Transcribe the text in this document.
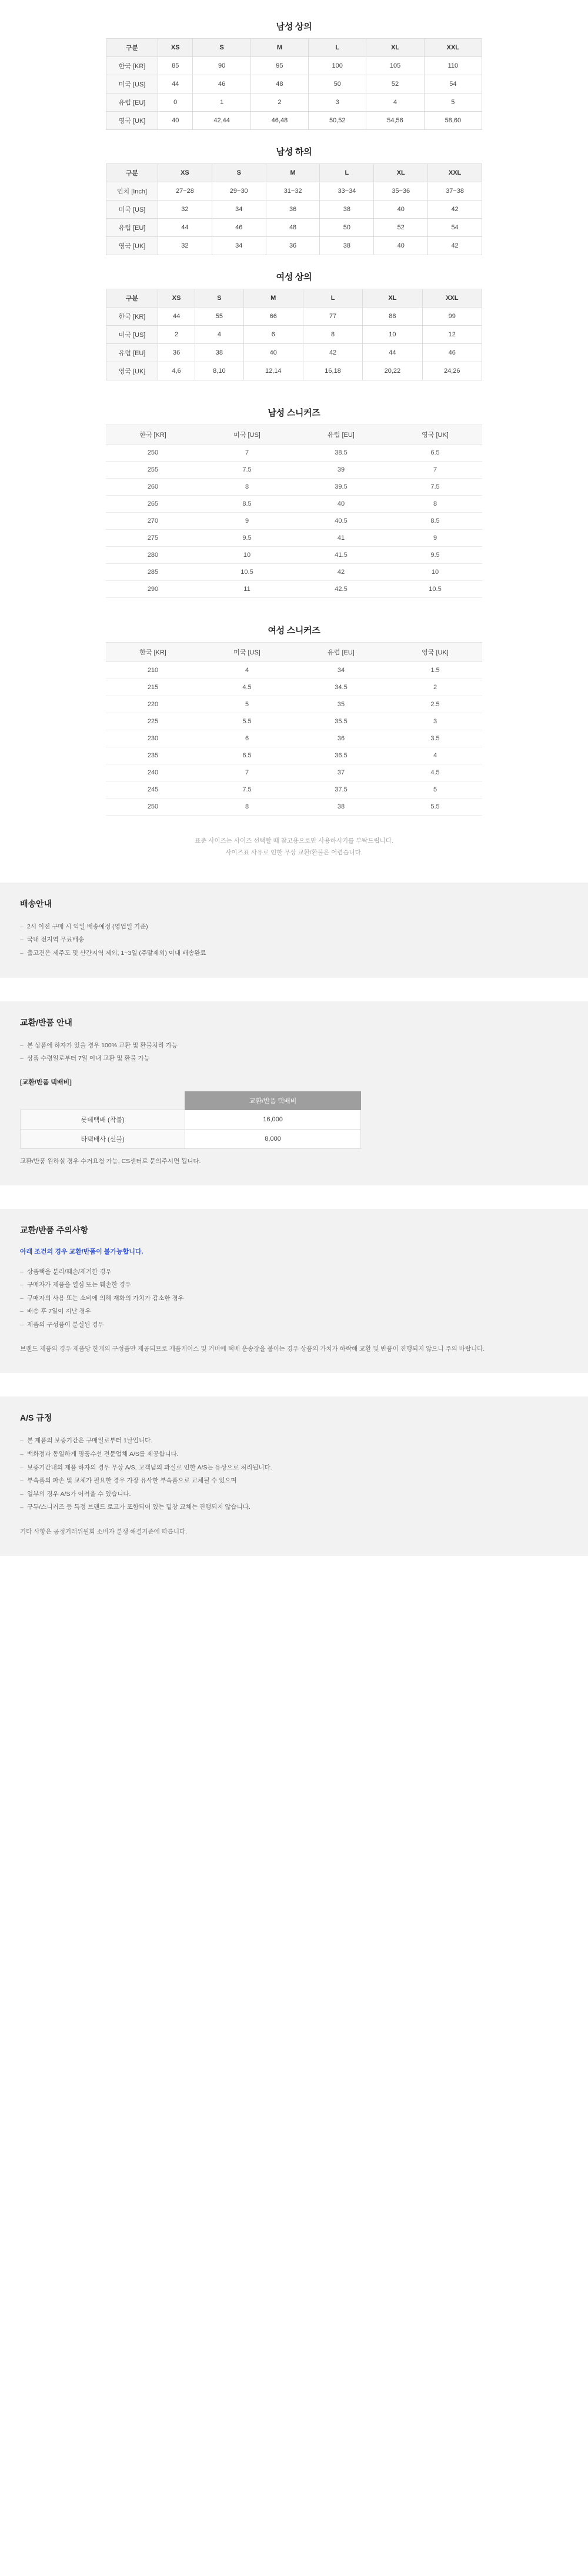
남성 상의
구분	XS	S	M	L	XL	XXL
한국 [KR]	85	90	95	100	105	110
미국 [US]	44	46	48	50	52	54
유럽 [EU]	0	1	2	3	4	5
영국 [UK]	40	42,44	46,48	50,52	54,56	58,60
남성 하의
구분	XS	S	M	L	XL	XXL
인치 [Inch]	27~28	29~30	31~32	33~34	35~36	37~38
미국 [US]	32	34	36	38	40	42
유럽 [EU]	44	46	48	50	52	54
영국 [UK]	32	34	36	38	40	42
여성 상의
구분	XS	S	M	L	XL	XXL
한국 [KR]	44	55	66	77	88	99
미국 [US]	2	4	6	8	10	12
유럽 [EU]	36	38	40	42	44	46
영국 [UK]	4,6	8,10	12,14	16,18	20,22	24,26
남성 스니커즈
한국 [KR]	미국 [US]	유럽 [EU]	영국 [UK]
250	7	38.5	6.5
255	7.5	39	7
260	8	39.5	7.5
265	8.5	40	8
270	9	40.5	8.5
275	9.5	41	9
280	10	41.5	9.5
285	10.5	42	10
290	11	42.5	10.5
여성 스니커즈
한국 [KR]	미국 [US]	유럽 [EU]	영국 [UK]
210	4	34	1.5
215	4.5	34.5	2
220	5	35	2.5
225	5.5	35.5	3
230	6	36	3.5
235	6.5	36.5	4
240	7	37	4.5
245	7.5	37.5	5
250	8	38	5.5
표준 사이즈는 사이즈 선택할 때 참고용으로만 사용하시기를 부탁드립니다.
사이즈표 사유로 인한 무상 교환/환불은 어렵습니다.
배송안내
– 2시 이전 구매 시 익일 배송예정 (영업일 기준)
– 국내 전지역 무료배송
– 출고건은 제주도 및 산간지역 제외, 1~3일 (주말제외) 이내 배송완료
교환/반품 안내
– 본 상품에 하자가 있을 경우 100% 교환 및 환불처리 가능
– 상품 수령일로부터 7일 이내 교환 및 환불 가능
[교환/반품 택배비]
	교환/반품 택배비
롯데택배 (착불)	16,000
타택배사 (선불)	8,000
교환/반품 원하실 경우 수거요청 가능, CS센터로 문의주시면 됩니다.
교환/반품 주의사항
아래 조건의 경우 교환/반품이 불가능합니다.
– 상품택을 분리/훼손/제거한 경우
– 구매자가 제품을 열심 또는 훼손한 경우
– 구매자의 사용 또는 소비에 의해 재화의 가치가 감소한 경우
– 배송 후 7일이 지난 경우
– 제품의 구성품이 분실된 경우
브랜드 제품의 경우 제품당 한개의 구성품만 제공되므로 제품케이스 및 커버에 택배 운송장을 붙이는 경우 상품의 가치가 하락해 교환 및 반품이 진행되지 않으니 주의 바랍니다.
A/S 규정
– 본 제품의 보증기간은 구매일로부터 1날입니다.
– 백화점과 동일하게 명품수선 전문업체 A/S를 제공합니다.
– 보증기간내의 제품 하자의 경우 무상 A/S, 고객님의 과실로 인한 A/S는 유상으로 처리됩니다.
– 부속품의 파손 및 교체가 필요한 경우 가장 유사한 부속품으로 교체될 수 있으며
– 일부의 경우 A/S가 어려울 수 있습니다.
– 구두/스니커즈 등 특정 브랜드 로고가 포함되어 있는 밑창 교체는 진행되지 않습니다.
기타 사항은 공정거래위원회 소비자 분쟁 해결기준에 따릅니다.
